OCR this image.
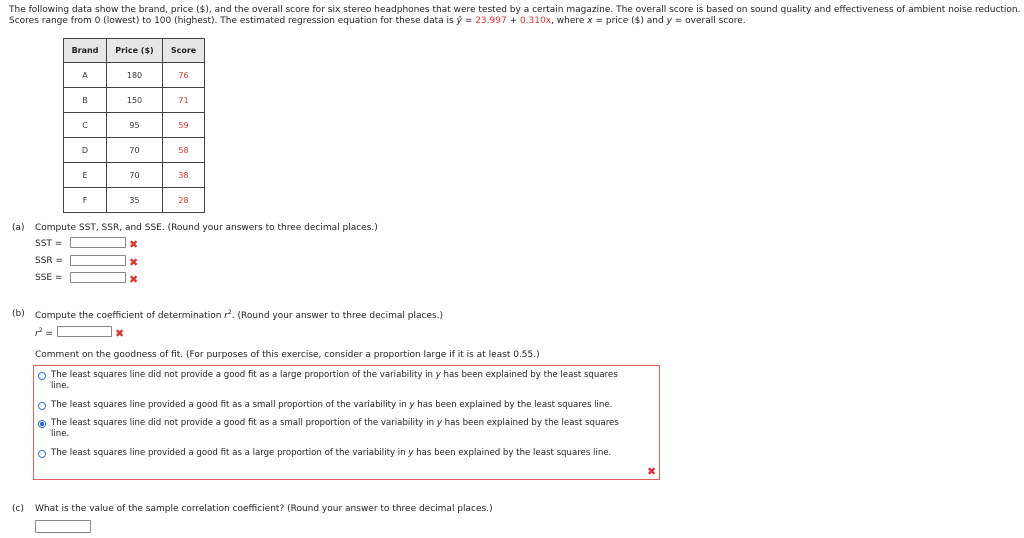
The following data show the brand, price ($), and the overall score for six stereo headphones that were tested by a certain magazine. The overall score is based on sound quality and effectiveness of ambient noise reduction.
Scores range from 0 (lowest) to 100 (highest). The estimated regression equation for these data is ŷ = 23.997 + 0.310x, where x = price ($) and y = overall score.
Brand	Price ($)	Score
A	180	76
B	150	71
C	95	59
D	70	58
E	70	38
F	35	28
(a) Compute SST, SSR, and SSE. (Round your answers to three decimal places.)
SST =	✖
SSR =	✖
SSE =	✖
(b) Compute the coefficient of determination $r^2$. (Round your answer to three decimal places.)
$r^2$ =	✖
Comment on the goodness of fit. (For purposes of this exercise, consider a proportion large if it is at least 0.55.)
The least squares line did not provide a good fit as a large proportion of the variability in y has been explained by the least squares
line.
The least squares line provided a good fit as a small proportion of the variability in y has been explained by the least squares line.
The least squares line did not provide a good fit as a small proportion of the variability in y has been explained by the least squares
line.
The least squares line provided a good fit as a large proportion of the variability in y has been explained by the least squares line.
✖
(c) What is the value of the sample correlation coefficient? (Round your answer to three decimal places.)
